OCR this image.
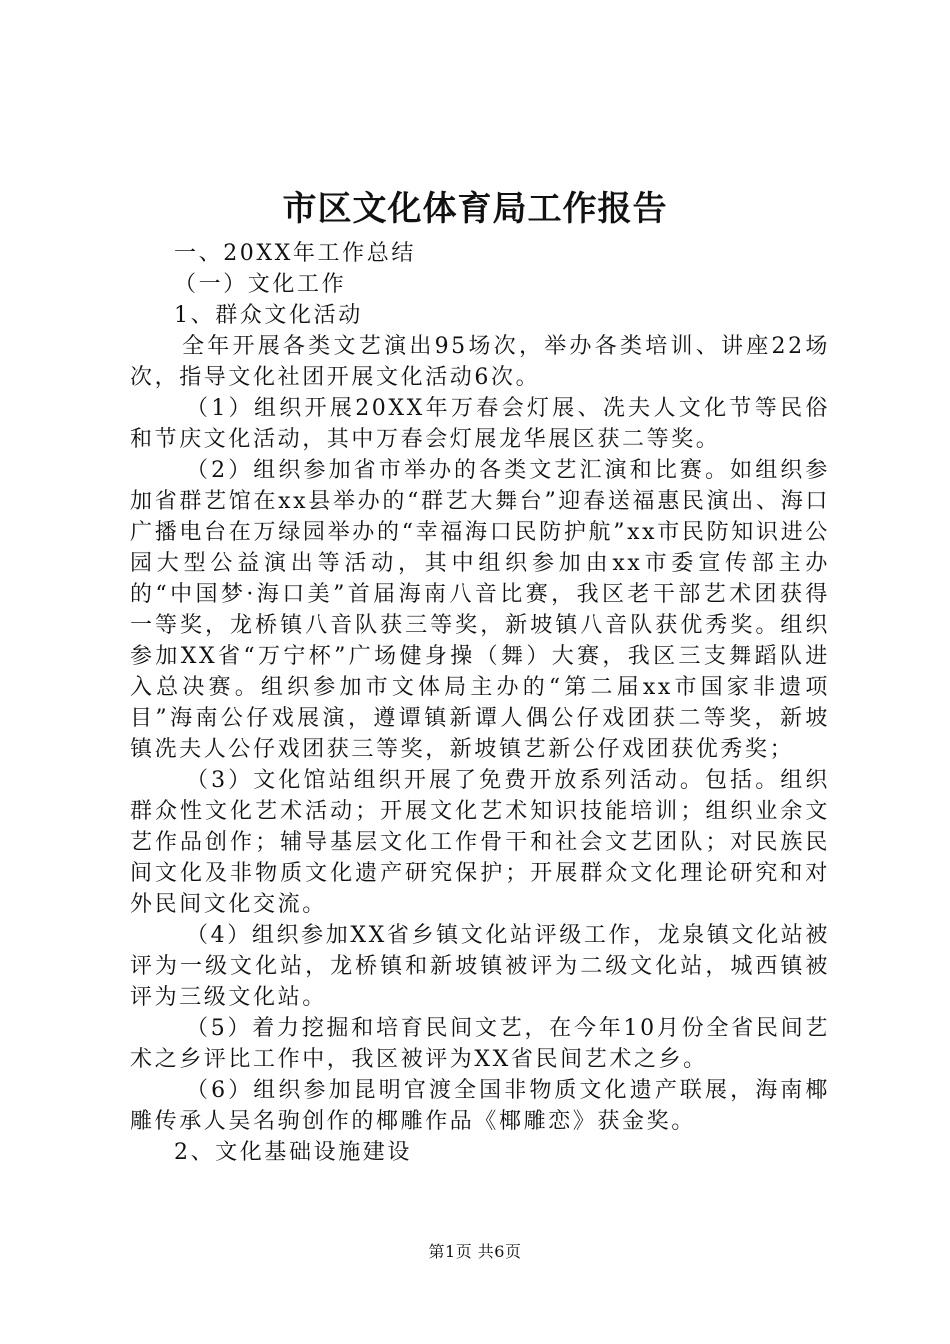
市区文化体育局工作报告

一、20XX年工作总结

（一）文化工作

1、群众文化活动

全年开展各类文艺演出95场次，举办各类培训、讲座22场次，指导文化社团开展文化活动6次。

（1）组织开展20XX年万春会灯展、冼夫人文化节等民俗和节庆文化活动，其中万春会灯展龙华展区获二等奖。

（2）组织参加省市举办的各类文艺汇演和比赛。如组织参加省群艺馆在xx县举办的“群艺大舞台”迎春送福惠民演出、海口广播电台在万绿园举办的“幸福海口民防护航”xx市民防知识进公园大型公益演出等活动，其中组织参加由xx市委宣传部主办的“中国梦·海口美”首届海南八音比赛，我区老干部艺术团获得一等奖，龙桥镇八音队获三等奖，新坡镇八音队获优秀奖。组织参加XX省“万宁杯”广场健身操（舞）大赛，我区三支舞蹈队进入总决赛。组织参加市文体局主办的“第二届xx市国家非遗项目”海南公仔戏展演，遵谭镇新谭人偶公仔戏团获二等奖，新坡镇冼夫人公仔戏团获三等奖，新坡镇艺新公仔戏团获优秀奖；

（3）文化馆站组织开展了免费开放系列活动。包括。组织群众性文化艺术活动；开展文化艺术知识技能培训；组织业余文艺作品创作；辅导基层文化工作骨干和社会文艺团队；对民族民间文化及非物质文化遗产研究保护；开展群众文化理论研究和对外民间文化交流。

（4）组织参加XX省乡镇文化站评级工作，龙泉镇文化站被评为一级文化站，龙桥镇和新坡镇被评为二级文化站，城西镇被评为三级文化站。

（5）着力挖掘和培育民间文艺，在今年10月份全省民间艺术之乡评比工作中，我区被评为XX省民间艺术之乡。

（6）组织参加昆明官渡全国非物质文化遗产联展，海南椰雕传承人吴名驹创作的椰雕作品《椰雕恋》获金奖。

2、文化基础设施建设

第1页 共6页
